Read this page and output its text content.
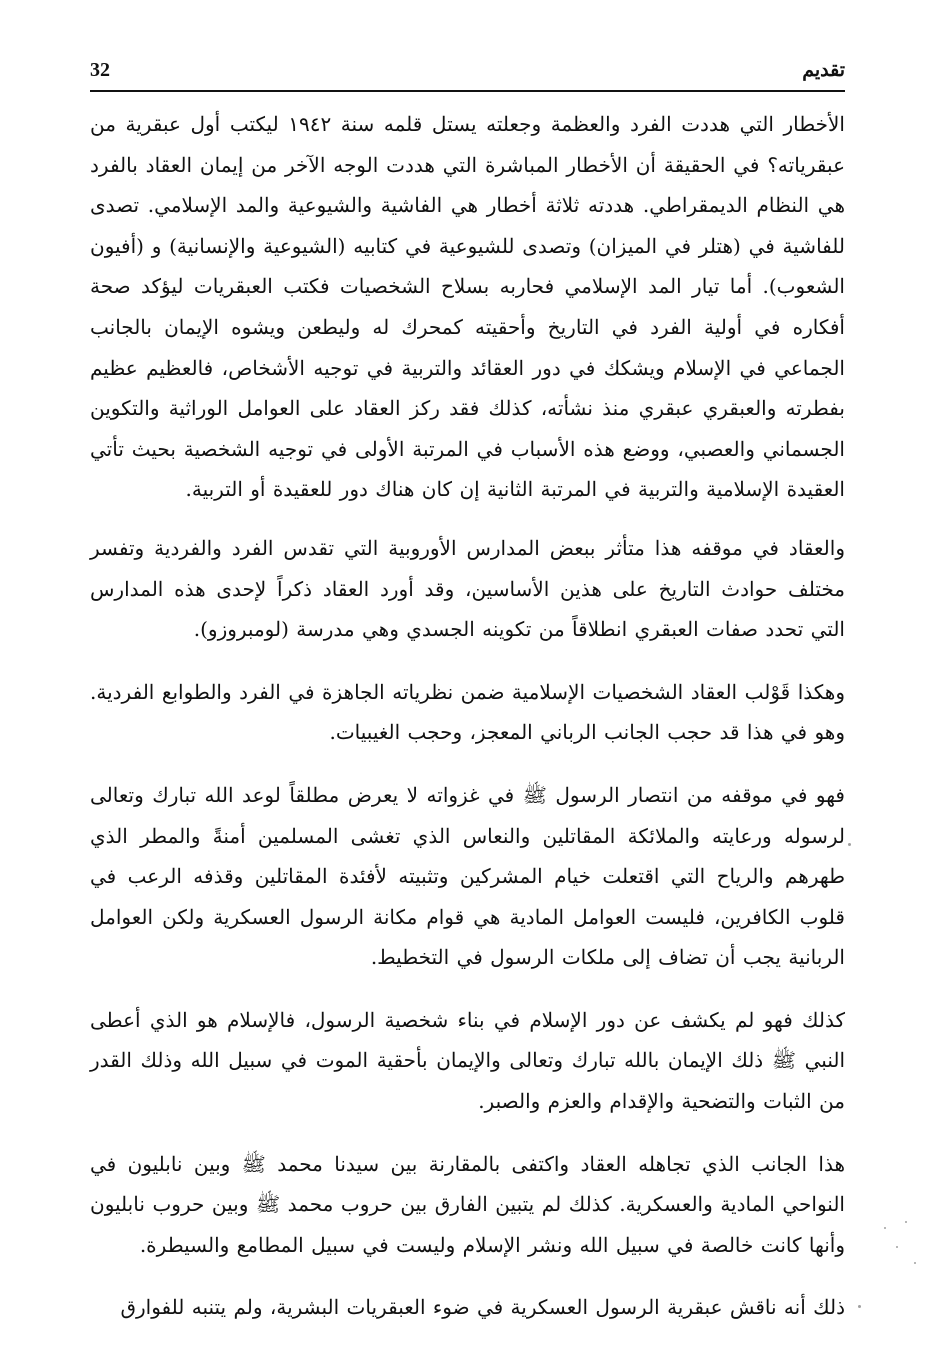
32	تقديم

الأخطار التي هددت الفرد والعظمة وجعلته يستل قلمه سنة ١٩٤٢ ليكتب أول عبقرية من عبقرياته؟ في الحقيقة أن الأخطار المباشرة التي هددت الوجه الآخر من إيمان العقاد بالفرد هي النظام الديمقراطي. هددته ثلاثة أخطار هي الفاشية والشيوعية والمد الإسلامي. تصدى للفاشية في (هتلر في الميزان) وتصدى للشيوعية في كتابيه (الشيوعية والإنسانية) و (أفيون الشعوب). أما تيار المد الإسلامي فحاربه بسلاح الشخصيات فكتب العبقريات ليؤكد صحة أفكاره في أولية الفرد في التاريخ وأحقيته كمحرك له وليطعن ويشوه الإيمان بالجانب الجماعي في الإسلام ويشكك في دور العقائد والتربية في توجيه الأشخاص، فالعظيم عظيم بفطرته والعبقري عبقري منذ نشأته، كذلك فقد ركز العقاد على العوامل الوراثية والتكوين الجسماني والعصبي، ووضع هذه الأسباب في المرتبة الأولى في توجيه الشخصية بحيث تأتي العقيدة الإسلامية والتربية في المرتبة الثانية إن كان هناك دور للعقيدة أو التربية.

والعقاد في موقفه هذا متأثر ببعض المدارس الأوروبية التي تقدس الفرد والفردية وتفسر مختلف حوادث التاريخ على هذين الأساسين، وقد أورد العقاد ذكراً لإحدى هذه المدارس التي تحدد صفات العبقري انطلاقاً من تكوينه الجسدي وهي مدرسة (لومبروزو).

وهكذا قَوْلب العقاد الشخصيات الإسلامية ضمن نظرياته الجاهزة في الفرد والطوابع الفردية. وهو في هذا قد حجب الجانب الرباني المعجز، وحجب الغيبيات.

فهو في موقفه من انتصار الرسول ﷺ في غزواته لا يعرض مطلقاً لوعد الله تبارك وتعالى لرسوله ورعايته والملائكة المقاتلين والنعاس الذي تغشى المسلمين أمنةً والمطر الذي طهرهم والرياح التي اقتعلت خيام المشركين وتثبيته لأفئدة المقاتلين وقذفه الرعب في قلوب الكافرين، فليست العوامل المادية هي قوام مكانة الرسول العسكرية ولكن العوامل الربانية يجب أن تضاف إلى ملكات الرسول في التخطيط.

كذلك فهو لم يكشف عن دور الإسلام في بناء شخصية الرسول، فالإسلام هو الذي أعطى النبي ﷺ ذلك الإيمان بالله تبارك وتعالى والإيمان بأحقية الموت في سبيل الله وذلك القدر من الثبات والتضحية والإقدام والعزم والصبر.

هذا الجانب الذي تجاهله العقاد واكتفى بالمقارنة بين سيدنا محمد ﷺ وبين نابليون في النواحي المادية والعسكرية. كذلك لم يتبين الفارق بين حروب محمد ﷺ وبين حروب نابليون وأنها كانت خالصة في سبيل الله ونشر الإسلام وليست في سبيل المطامع والسيطرة.

ذلك أنه ناقش عبقرية الرسول العسكرية في ضوء العبقريات البشرية، ولم يتنبه للفوارق
